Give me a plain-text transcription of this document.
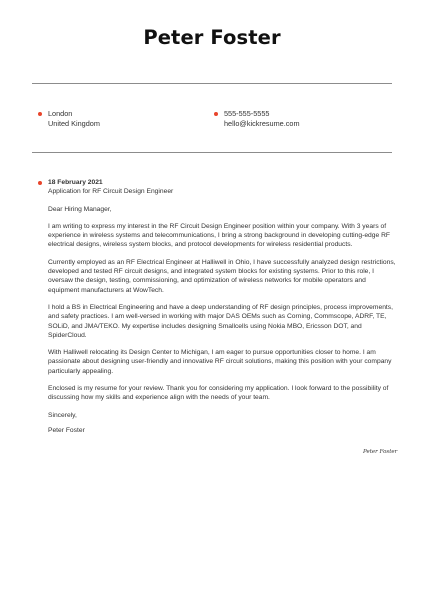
Peter Foster
London
United Kingdom
555-555-5555
hello@kickresume.com
18 February 2021
Application for RF Circuit Design Engineer
Dear Hiring Manager,
I am writing to express my interest in the RF Circuit Design Engineer position within your company. With 3 years of experience in wireless systems and telecommunications, I bring a strong background in developing cutting-edge RF electrical designs, wireless system blocks, and protocol developments for wireless residential products.
Currently employed as an RF Electrical Engineer at Halliwell in Ohio, I have successfully analyzed design restrictions, developed and tested RF circuit designs, and integrated system blocks for existing systems. Prior to this role, I oversaw the design, testing, commissioning, and optimization of wireless networks for mobile operators and equipment manufacturers at WowTech.
I hold a BS in Electrical Engineering and have a deep understanding of RF design principles, process improvements, and safety practices. I am well-versed in working with major DAS OEMs such as Corning, Commscope, ADRF, TE, SOLiD, and JMA/TEKO. My expertise includes designing Smallcells using Nokia MBO, Ericsson DOT, and SpiderCloud.
With Halliwell relocating its Design Center to Michigan, I am eager to pursue opportunities closer to home. I am passionate about designing user-friendly and innovative RF circuit solutions, making this position with your company particularly appealing.
Enclosed is my resume for your review. Thank you for considering my application. I look forward to the possibility of discussing how my skills and experience align with the needs of your team.
Sincerely,
Peter Foster
Peter Foster
